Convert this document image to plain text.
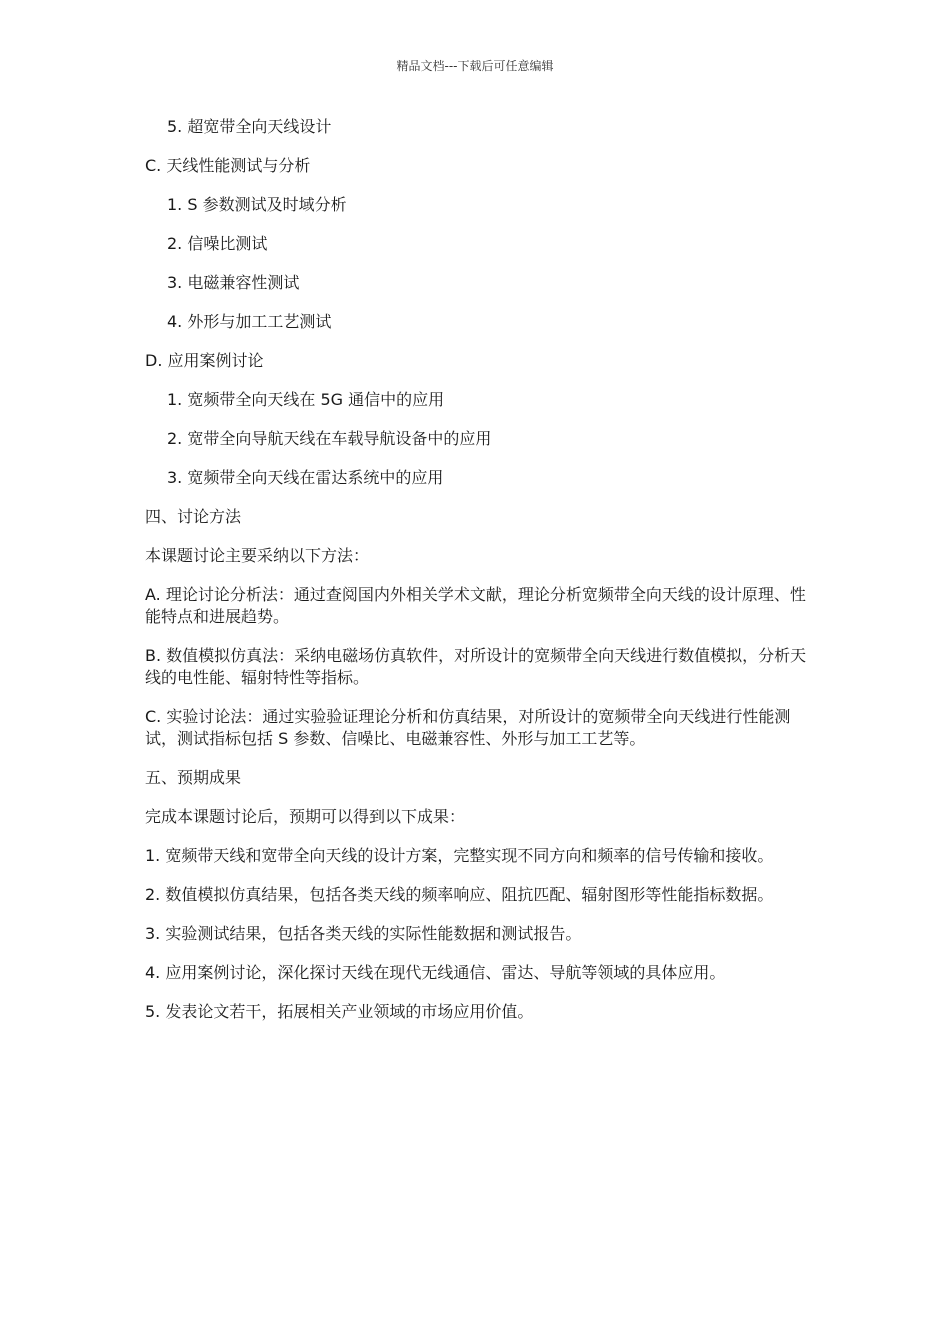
精品文档---下载后可任意编辑
5. 超宽带全向天线设计
C. 天线性能测试与分析
1. S 参数测试及时域分析
2. 信噪比测试
3. 电磁兼容性测试
4. 外形与加工工艺测试
D. 应用案例讨论
1. 宽频带全向天线在 5G 通信中的应用
2. 宽带全向导航天线在车载导航设备中的应用
3. 宽频带全向天线在雷达系统中的应用
四、讨论方法
本课题讨论主要采纳以下方法：
A. 理论讨论分析法：通过查阅国内外相关学术文献，理论分析宽频带全向天线的设计原理、性能特点和进展趋势。
B. 数值模拟仿真法：采纳电磁场仿真软件，对所设计的宽频带全向天线进行数值模拟，分析天线的电性能、辐射特性等指标。
C. 实验讨论法：通过实验验证理论分析和仿真结果，对所设计的宽频带全向天线进行性能测试，测试指标包括 S 参数、信噪比、电磁兼容性、外形与加工工艺等。
五、预期成果
完成本课题讨论后，预期可以得到以下成果：
1. 宽频带天线和宽带全向天线的设计方案，完整实现不同方向和频率的信号传输和接收。
2. 数值模拟仿真结果，包括各类天线的频率响应、阻抗匹配、辐射图形等性能指标数据。
3. 实验测试结果，包括各类天线的实际性能数据和测试报告。
4. 应用案例讨论，深化探讨天线在现代无线通信、雷达、导航等领域的具体应用。
5. 发表论文若干，拓展相关产业领域的市场应用价值。
